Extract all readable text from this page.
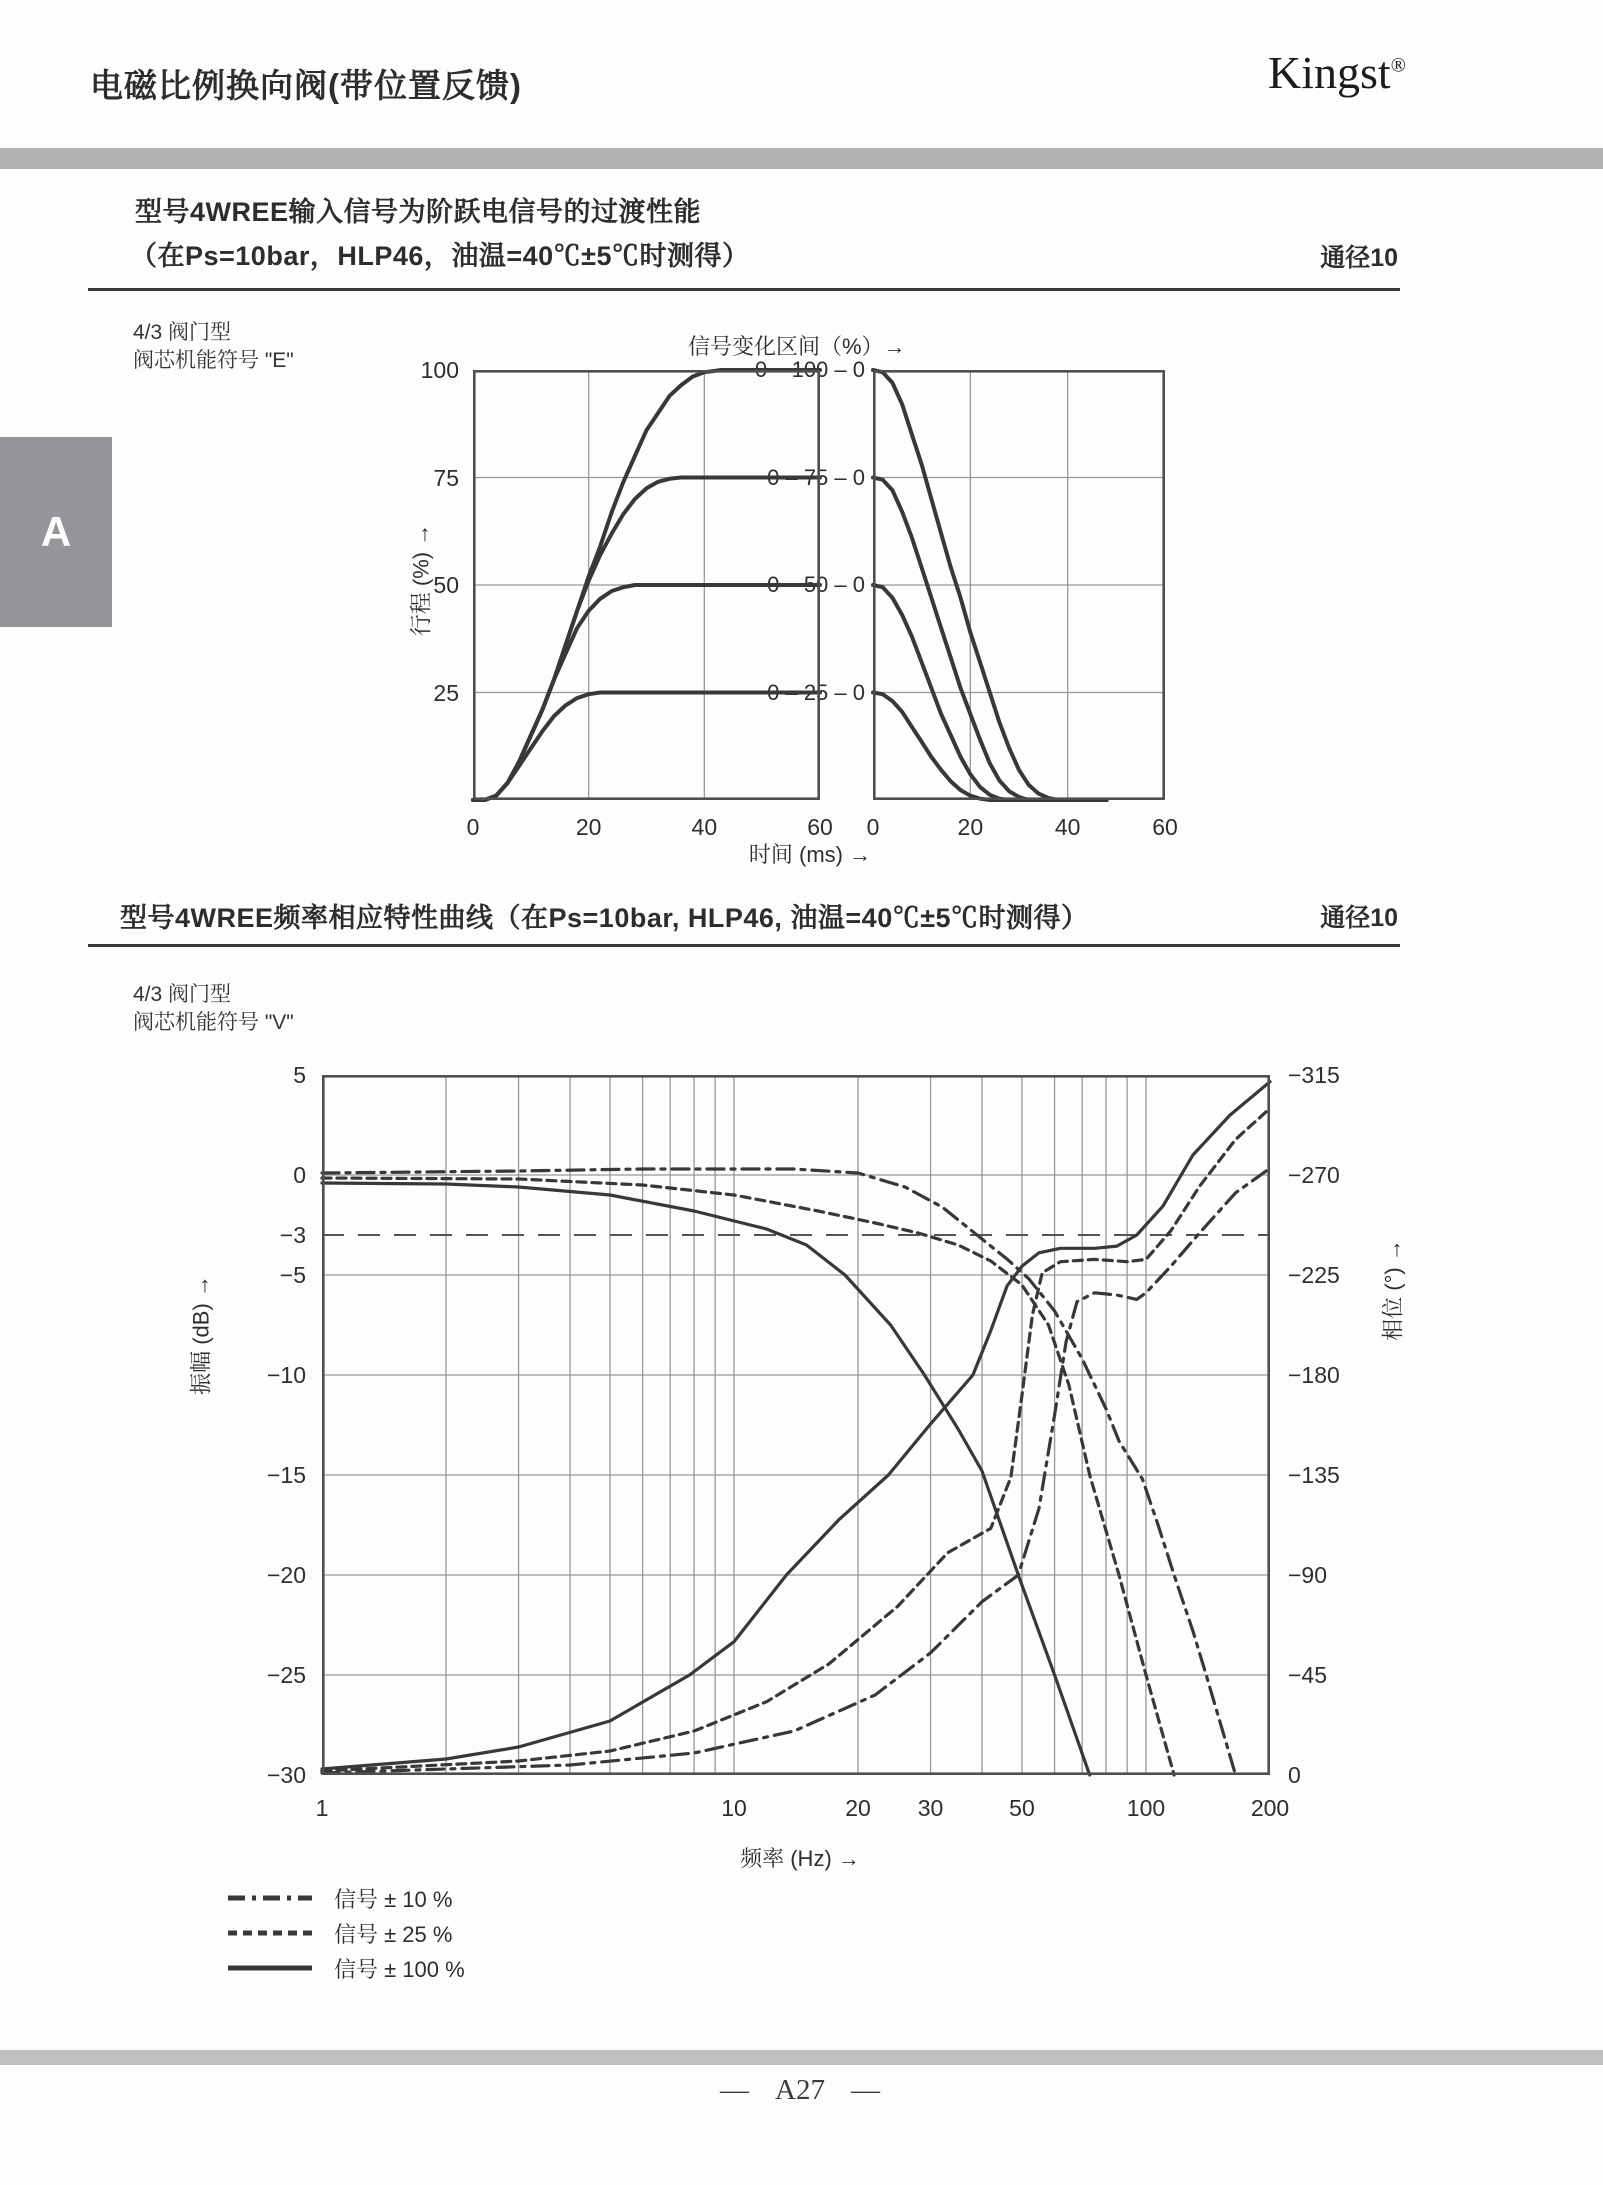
电磁比例换向阀(带位置反馈)	Kingst®
A
型号4WREE输入信号为阶跃电信号的过渡性能
（在Ps=10bar，HLP46，油温=40℃±5℃时测得）	通径10
4/3 阀门型
阀芯机能符号 "E"
信号变化区间（%）→
行程 (%) →
时间 (ms) →
0 – 100 – 0
0 – 75 – 0
0 – 50 – 0
0 – 25 – 0
型号4WREE频率相应特性曲线（在Ps=10bar, HLP46, 油温=40℃±5℃时测得）	通径10
4/3 阀门型
阀芯机能符号 "V"
振幅 (dB) →	相位 (°) →
频率 (Hz) →
信号 ± 10 %
信号 ± 25 %
信号 ± 100 %
— A27 —
0	20	40	60
25
50
75
100
0	20	40	60
1	10	20 30	50	100	200
5
0
−3
−5
−10
−15
−20
−25
−30
−315
−270
−225
−180
−135
−90
−45
0
